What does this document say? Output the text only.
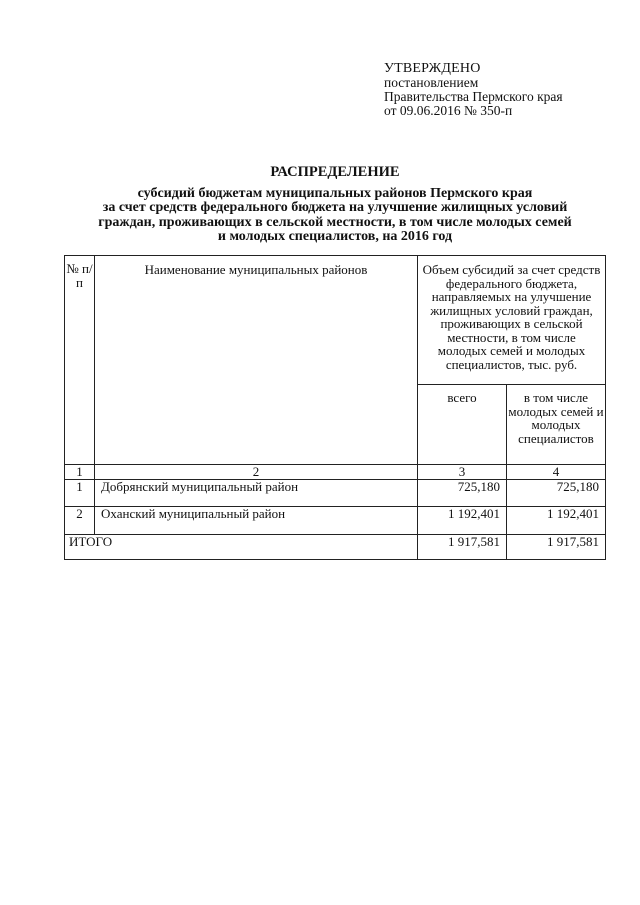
УТВЕРЖДЕНО
постановлением
Правительства Пермского края
от 09.06.2016 № 350-п
РАСПРЕДЕЛЕНИЕ
субсидий бюджетам муниципальных районов Пермского края
за счет средств федерального бюджета на улучшение жилищных условий
граждан, проживающих в сельской местности, в том числе молодых семей
и молодых специалистов, на 2016 год
№ п/п	Наименование муниципальных районов	Объем субсидий за счет средств федерального бюджета, направляемых на улучшение жилищных условий граждан, проживающих в сельской местности, в том числе молодых семей и молодых специалистов, тыс. руб.	
		всего	в том числе молодых семей и молодых специалистов
1	2	3	4
1	Добрянский муниципальный район	725,180	725,180
2	Оханский муниципальный район	1 192,401	1 192,401
ИТОГО		1 917,581	1 917,581
